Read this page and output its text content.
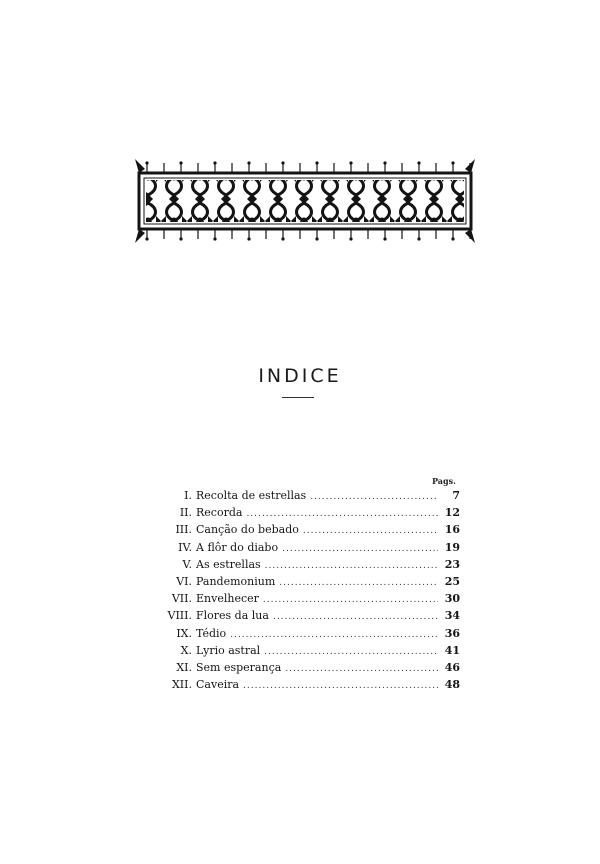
INDICE
Pags.
I. Recolta de estrellas .....	7
II. Recorda .....	12
III. Canção do bebado .....	16
IV. A flôr do diabo .....	19
V. As estrellas .....	23
VI. Pandemonium .....	25
VII. Envelhecer .....	30
VIII. Flores da lua .....	34
IX. Tédio .....	36
X. Lyrio astral .....	41
XI. Sem esperança .....	46
XII. Caveira .....	48
